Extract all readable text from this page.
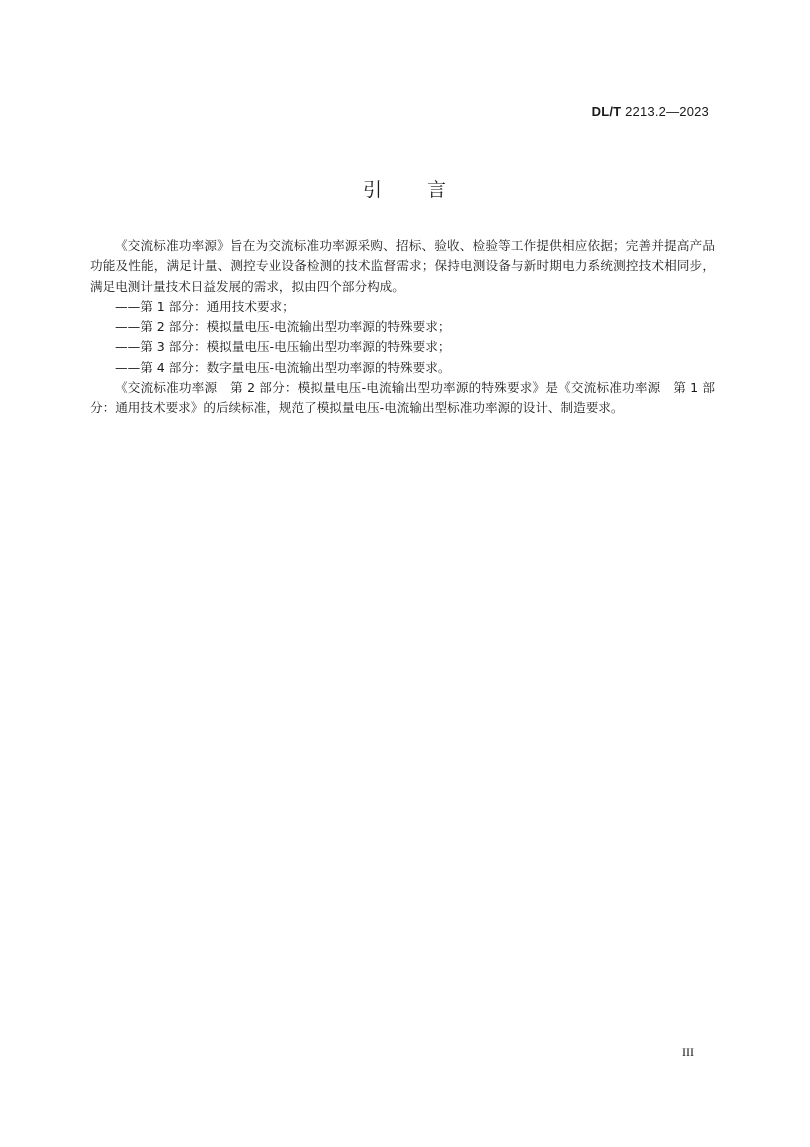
DL/T 2213.2—2023
引 言

《交流标准功率源》旨在为交流标准功率源采购、招标、验收、检验等工作提供相应依据；完善并提高产品功能及性能，满足计量、测控专业设备检测的技术监督需求；保持电测设备与新时期电力系统测控技术相同步，满足电测计量技术日益发展的需求，拟由四个部分构成。

——第 1 部分：通用技术要求；

——第 2 部分：模拟量电压-电流输出型功率源的特殊要求；

——第 3 部分：模拟量电压-电压输出型功率源的特殊要求；

——第 4 部分：数字量电压-电流输出型功率源的特殊要求。

《交流标准功率源　第 2 部分：模拟量电压-电流输出型功率源的特殊要求》是《交流标准功率源　第 1 部分：通用技术要求》的后续标准，规范了模拟量电压-电流输出型标准功率源的设计、制造要求。

III
